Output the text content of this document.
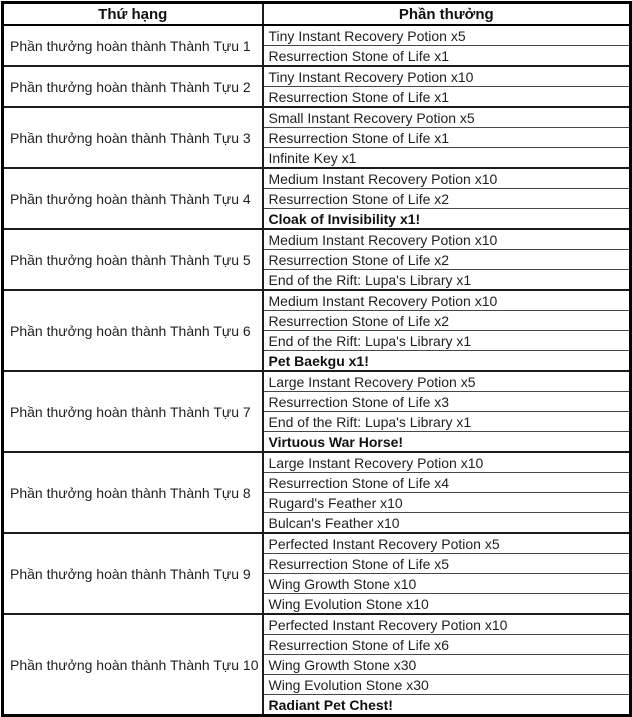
Thứ hạng	Phần thưởng
Phần thưởng hoàn thành Thành Tựu 1	Tiny Instant Recovery Potion x5
	Resurrection Stone of Life x1
Phần thưởng hoàn thành Thành Tựu 2	Tiny Instant Recovery Potion x10
	Resurrection Stone of Life x1
Phần thưởng hoàn thành Thành Tựu 3	Small Instant Recovery Potion x5
	Resurrection Stone of Life x1
	Infinite Key x1
Phần thưởng hoàn thành Thành Tựu 4	Medium Instant Recovery Potion x10
	Resurrection Stone of Life x2
	Cloak of Invisibility x1!
Phần thưởng hoàn thành Thành Tựu 5	Medium Instant Recovery Potion x10
	Resurrection Stone of Life x2
	End of the Rift: Lupa's Library x1
Phần thưởng hoàn thành Thành Tựu 6	Medium Instant Recovery Potion x10
	Resurrection Stone of Life x2
	End of the Rift: Lupa's Library x1
	Pet Baekgu x1!
Phần thưởng hoàn thành Thành Tựu 7	Large Instant Recovery Potion x5
	Resurrection Stone of Life x3
	End of the Rift: Lupa's Library x1
	Virtuous War Horse!
Phần thưởng hoàn thành Thành Tựu 8	Large Instant Recovery Potion x10
	Resurrection Stone of Life x4
	Rugard's Feather x10
	Bulcan's Feather x10
Phần thưởng hoàn thành Thành Tựu 9	Perfected Instant Recovery Potion x5
	Resurrection Stone of Life x5
	Wing Growth Stone x10
	Wing Evolution Stone x10
Phần thưởng hoàn thành Thành Tựu 10	Perfected Instant Recovery Potion x10
	Resurrection Stone of Life x6
	Wing Growth Stone x30
	Wing Evolution Stone x30
	Radiant Pet Chest!
